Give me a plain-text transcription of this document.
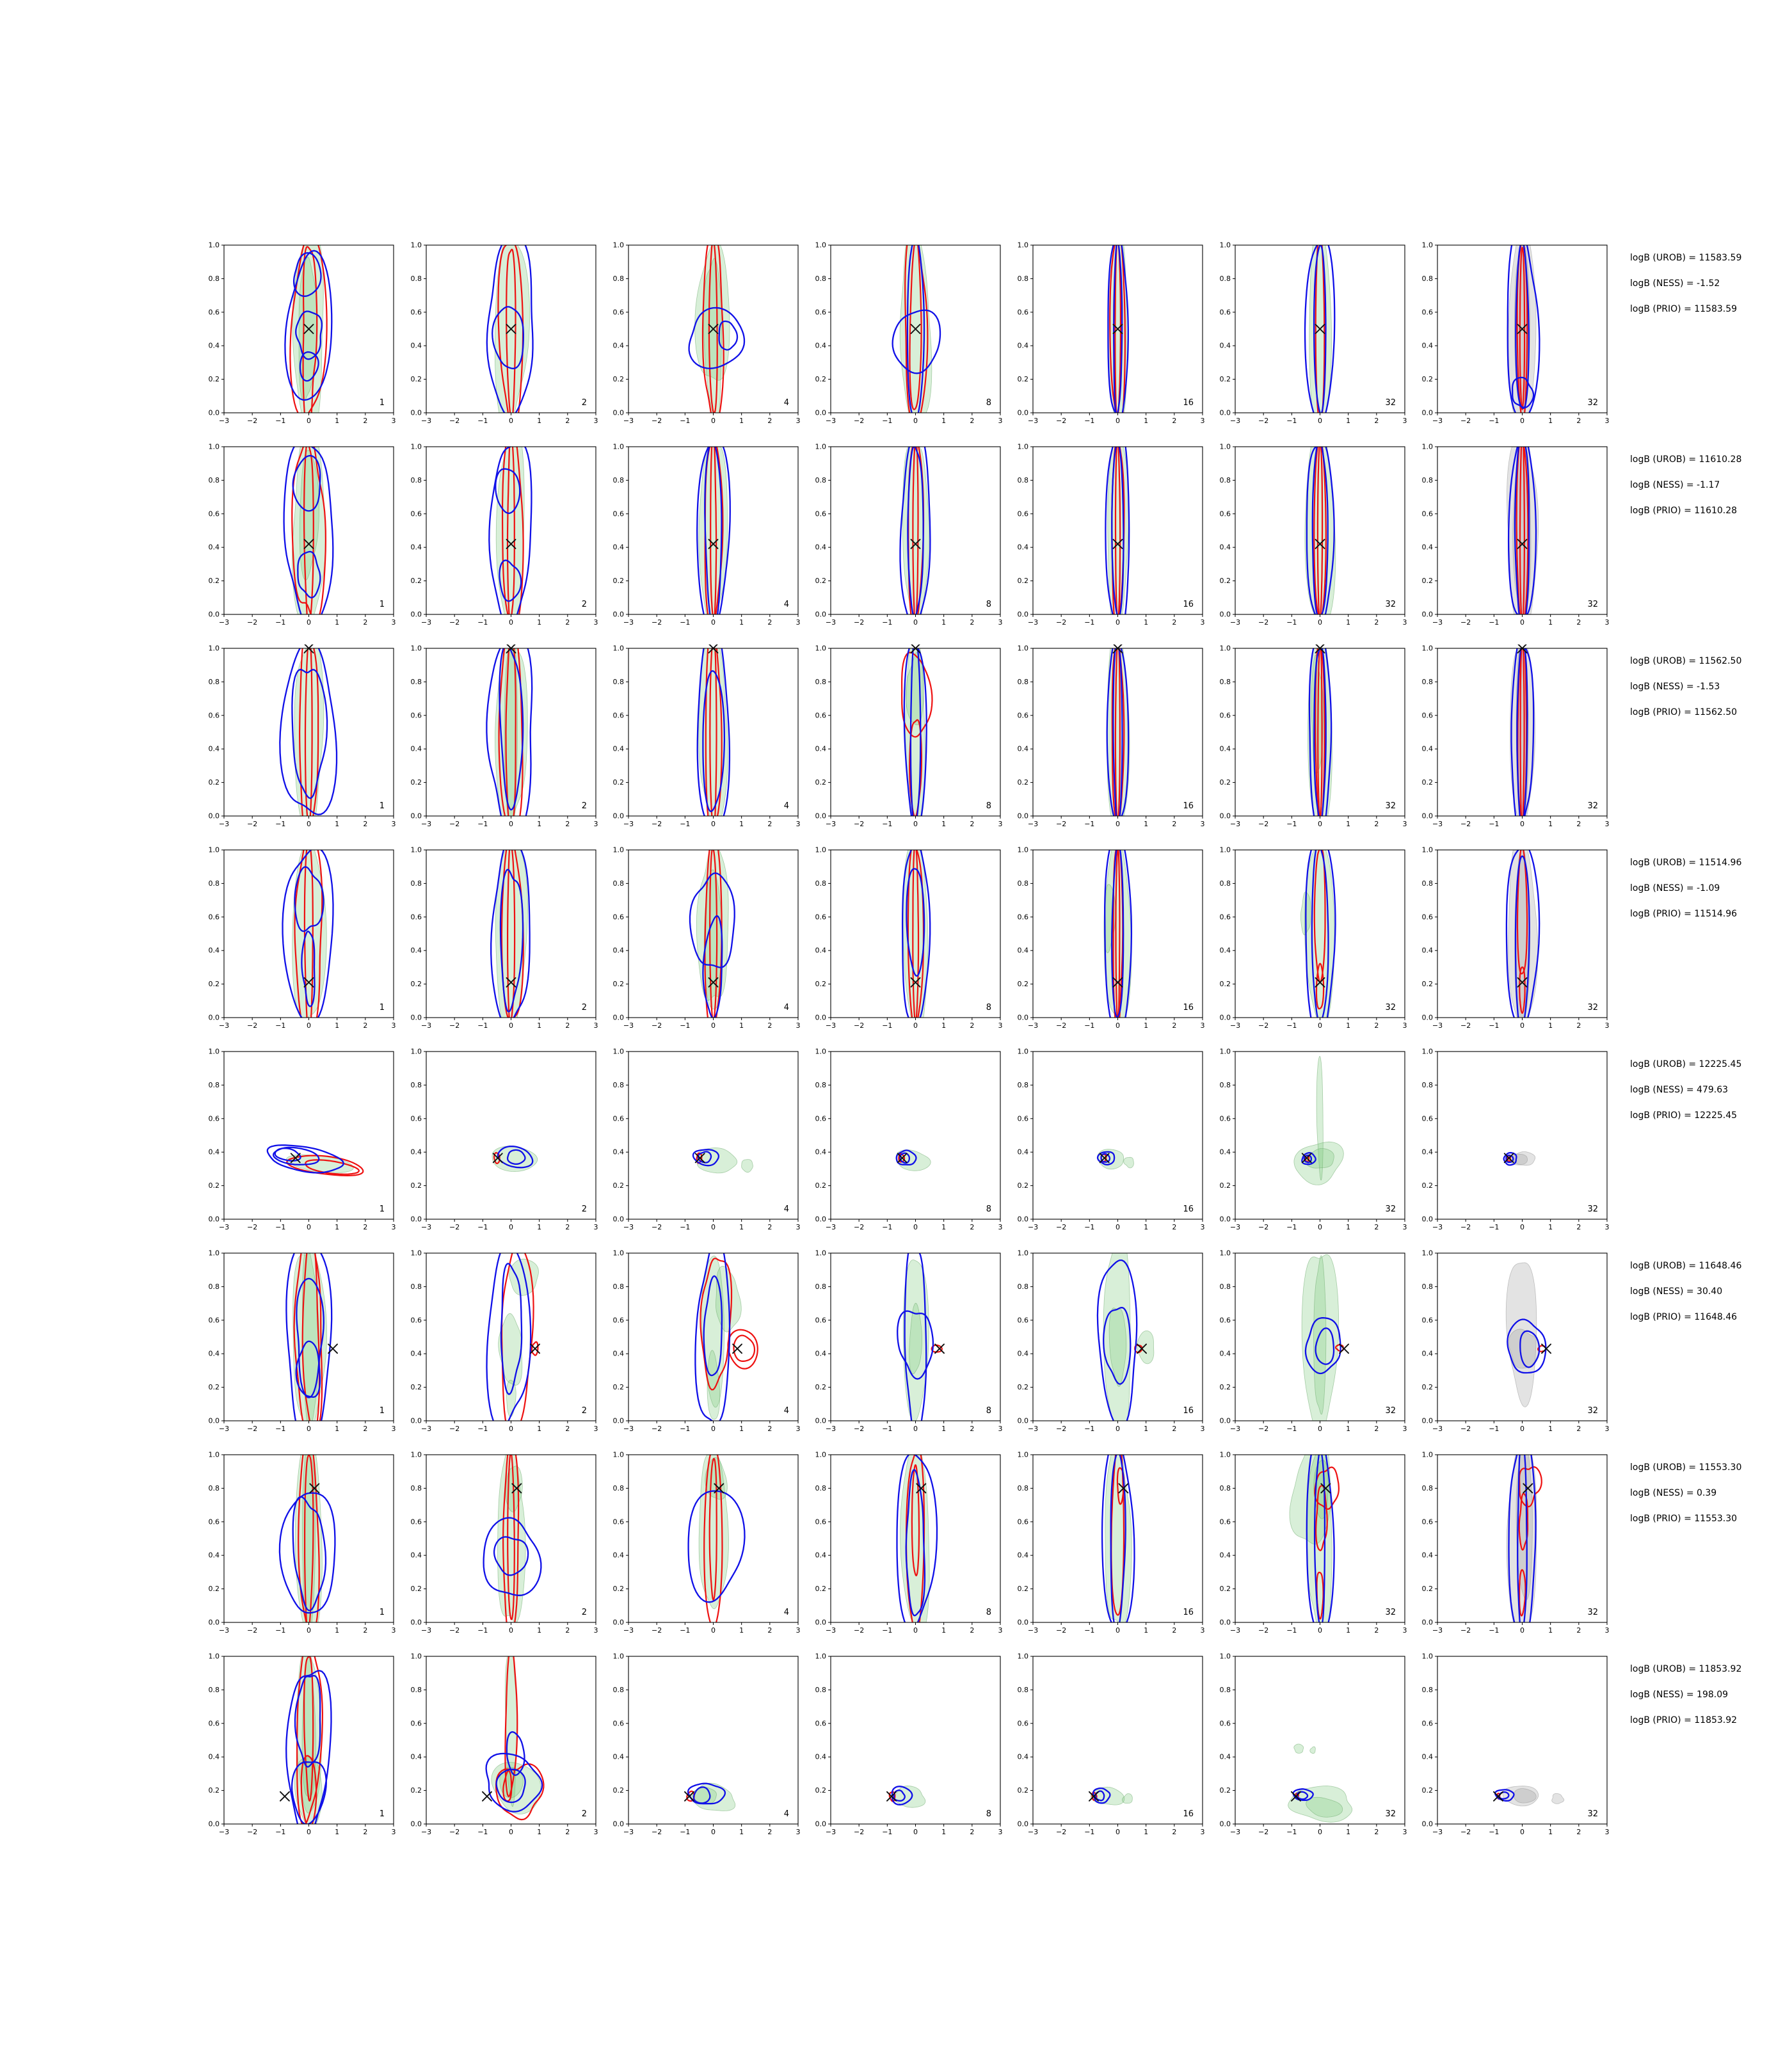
−3	−2	−1	0	1	2	3
0.0
0.2
0.4
0.6
0.8
1.0
1
−3	−2	−1	0	1	2	3
0.0
0.2
0.4
0.6
0.8
1.0
2
−3	−2	−1	0	1	2	3
0.0
0.2
0.4
0.6
0.8
1.0
4
−3	−2	−1	0	1	2	3
0.0
0.2
0.4
0.6
0.8
1.0
8
−3	−2	−1	0	1	2	3
0.0
0.2
0.4
0.6
0.8
1.0
16
−3	−2	−1	0	1	2	3
0.0
0.2
0.4
0.6
0.8
1.0
32
−3	−2	−1	0	1	2	3
0.0
0.2
0.4
0.6
0.8
1.0
32
−3	−2	−1	0	1	2	3
0.0
0.2
0.4
0.6
0.8
1.0
1
−3	−2	−1	0	1	2	3
0.0
0.2
0.4
0.6
0.8
1.0
2
−3	−2	−1	0	1	2	3
0.0
0.2
0.4
0.6
0.8
1.0
4
−3	−2	−1	0	1	2	3
0.0
0.2
0.4
0.6
0.8
1.0
8
−3	−2	−1	0	1	2	3
0.0
0.2
0.4
0.6
0.8
1.0
16
−3	−2	−1	0	1	2	3
0.0
0.2
0.4
0.6
0.8
1.0
32
−3	−2	−1	0	1	2	3
0.0
0.2
0.4
0.6
0.8
1.0
32
−3	−2	−1	0	1	2	3
0.0
0.2
0.4
0.6
0.8
1.0
1
−3	−2	−1	0	1	2	3
0.0
0.2
0.4
0.6
0.8
1.0
2
−3	−2	−1	0	1	2	3
0.0
0.2
0.4
0.6
0.8
1.0
4
−3	−2	−1	0	1	2	3
0.0
0.2
0.4
0.6
0.8
1.0
8
−3	−2	−1	0	1	2	3
0.0
0.2
0.4
0.6
0.8
1.0
16
−3	−2	−1	0	1	2	3
0.0
0.2
0.4
0.6
0.8
1.0
32
−3	−2	−1	0	1	2	3
0.0
0.2
0.4
0.6
0.8
1.0
32
−3	−2	−1	0	1	2	3
0.0
0.2
0.4
0.6
0.8
1.0
1
−3	−2	−1	0	1	2	3
0.0
0.2
0.4
0.6
0.8
1.0
2
−3	−2	−1	0	1	2	3
0.0
0.2
0.4
0.6
0.8
1.0
4
−3	−2	−1	0	1	2	3
0.0
0.2
0.4
0.6
0.8
1.0
8
−3	−2	−1	0	1	2	3
0.0
0.2
0.4
0.6
0.8
1.0
16
−3	−2	−1	0	1	2	3
0.0
0.2
0.4
0.6
0.8
1.0
32
−3	−2	−1	0	1	2	3
0.0
0.2
0.4
0.6
0.8
1.0
32
−3	−2	−1	0	1	2	3
0.0
0.2
0.4
0.6
0.8
1.0
1
−3	−2	−1	0	1	2	3
0.0
0.2
0.4
0.6
0.8
1.0
2
−3	−2	−1	0	1	2	3
0.0
0.2
0.4
0.6
0.8
1.0
4
−3	−2	−1	0	1	2	3
0.0
0.2
0.4
0.6
0.8
1.0
8
−3	−2	−1	0	1	2	3
0.0
0.2
0.4
0.6
0.8
1.0
16
−3	−2	−1	0	1	2	3
0.0
0.2
0.4
0.6
0.8
1.0
32
−3	−2	−1	0	1	2	3
0.0
0.2
0.4
0.6
0.8
1.0
32
−3	−2	−1	0	1	2	3
0.0
0.2
0.4
0.6
0.8
1.0
1
−3	−2	−1	0	1	2	3
0.0
0.2
0.4
0.6
0.8
1.0
2
−3	−2	−1	0	1	2	3
0.0
0.2
0.4
0.6
0.8
1.0
4
−3	−2	−1	0	1	2	3
0.0
0.2
0.4
0.6
0.8
1.0
8
−3	−2	−1	0	1	2	3
0.0
0.2
0.4
0.6
0.8
1.0
16
−3	−2	−1	0	1	2	3
0.0
0.2
0.4
0.6
0.8
1.0
32
−3	−2	−1	0	1	2	3
0.0
0.2
0.4
0.6
0.8
1.0
32
−3	−2	−1	0	1	2	3
0.0
0.2
0.4
0.6
0.8
1.0
1
−3	−2	−1	0	1	2	3
0.0
0.2
0.4
0.6
0.8
1.0
2
−3	−2	−1	0	1	2	3
0.0
0.2
0.4
0.6
0.8
1.0
4
−3	−2	−1	0	1	2	3
0.0
0.2
0.4
0.6
0.8
1.0
8
−3	−2	−1	0	1	2	3
0.0
0.2
0.4
0.6
0.8
1.0
16
−3	−2	−1	0	1	2	3
0.0
0.2
0.4
0.6
0.8
1.0
32
−3	−2	−1	0	1	2	3
0.0
0.2
0.4
0.6
0.8
1.0
32
−3	−2	−1	0	1	2	3
0.0
0.2
0.4
0.6
0.8
1.0
1
−3	−2	−1	0	1	2	3
0.0
0.2
0.4
0.6
0.8
1.0
2
−3	−2	−1	0	1	2	3
0.0
0.2
0.4
0.6
0.8
1.0
4
−3	−2	−1	0	1	2	3
0.0
0.2
0.4
0.6
0.8
1.0
8
−3	−2	−1	0	1	2	3
0.0
0.2
0.4
0.6
0.8
1.0
16
−3	−2	−1	0	1	2	3
0.0
0.2
0.4
0.6
0.8
1.0
32
−3	−2	−1	0	1	2	3
0.0
0.2
0.4
0.6
0.8
1.0
32
logB (UROB) = 11583.59
logB (NESS) = -1.52
logB (PRIO) = 11583.59
logB (UROB) = 11610.28
logB (NESS) = -1.17
logB (PRIO) = 11610.28
logB (UROB) = 11562.50
logB (NESS) = -1.53
logB (PRIO) = 11562.50
logB (UROB) = 11514.96
logB (NESS) = -1.09
logB (PRIO) = 11514.96
logB (UROB) = 12225.45
logB (NESS) = 479.63
logB (PRIO) = 12225.45
logB (UROB) = 11648.46
logB (NESS) = 30.40
logB (PRIO) = 11648.46
logB (UROB) = 11553.30
logB (NESS) = 0.39
logB (PRIO) = 11553.30
logB (UROB) = 11853.92
logB (NESS) = 198.09
logB (PRIO) = 11853.92
